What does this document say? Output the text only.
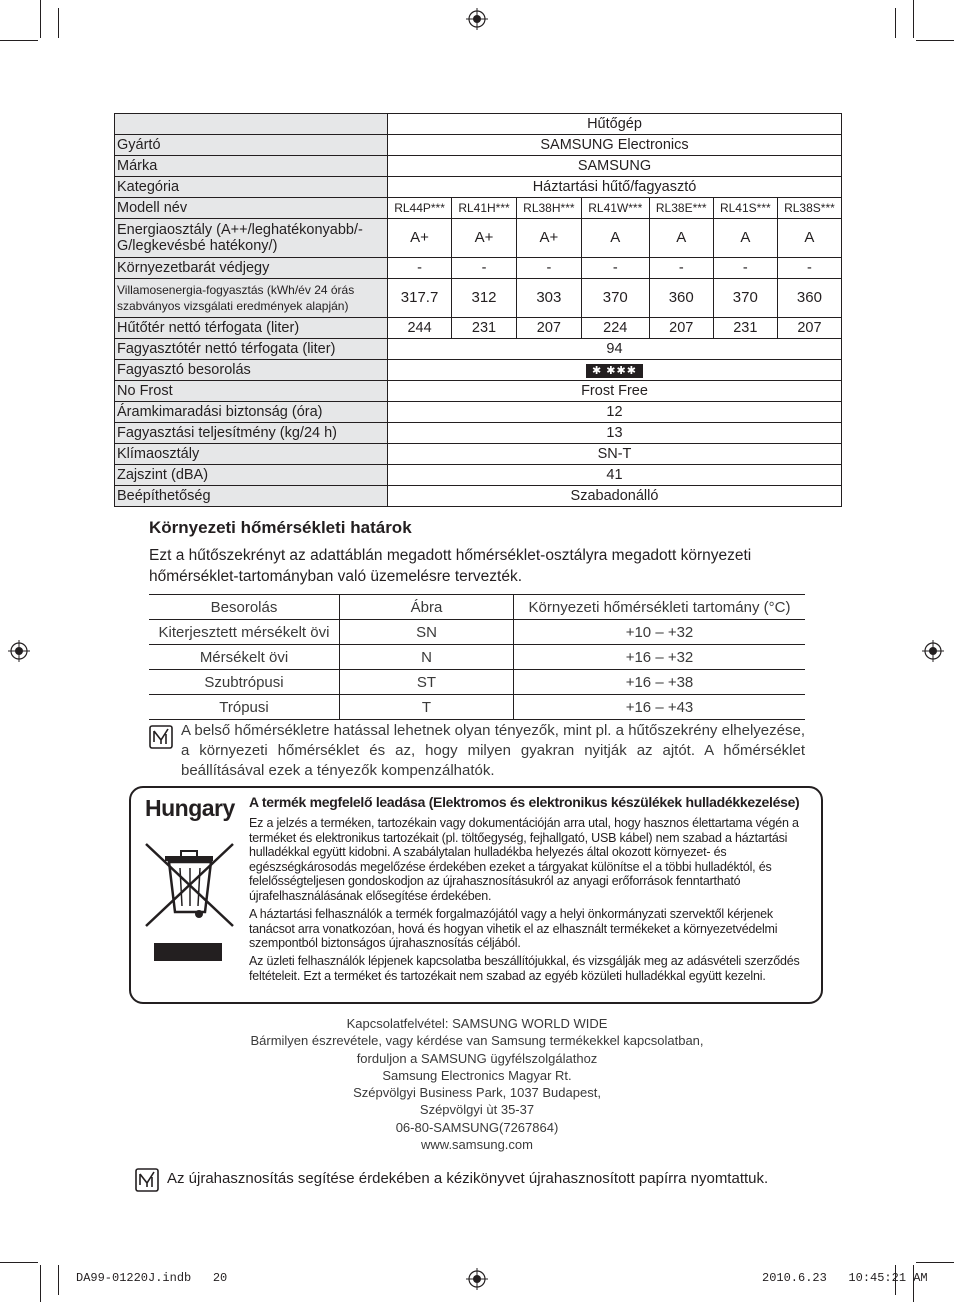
	Hűtőgép						
Gyártó	SAMSUNG Electronics						
Márka	SAMSUNG						
Kategória	Háztartási hűtő/fagyasztó						
Modell név	RL44P***	RL41H***	RL38H***	RL41W***	RL38E***	RL41S***	RL38S***
Energiaosztály (A++/leghatékonyabb/-G/legkevésbé hatékony/)	A+	A+	A+	A	A	A	A
Környezetbarát védjegy	-	-	-	-	-	-	-
Villamosenergia-fogyasztás (kWh/év 24 órás szabványos vizsgálati eredmények alapján)	317.7	312	303	370	360	370	360
Hűtőtér nettó térfogata (liter)	244	231	207	224	207	231	207
Fagyasztótér nettó térfogata (liter)	94						
Fagyasztó besorolás	✱ ✱✱✱						
No Frost	Frost Free						
Áramkimaradási biztonság (óra)	12						
Fagyasztási teljesítmény (kg/24 h)	13						
Klímaosztály	SN-T						
Zajszint (dBA)	41						
Beépíthetőség	Szabadonálló						
Környezeti hőmérsékleti határok
Ezt a hűtőszekrényt az adattáblán megadott hőmérséklet-osztályra megadott környezeti hőmérséklet-tartományban való üzemelésre tervezték.
Besorolás	Ábra	Környezeti hőmérsékleti tartomány (°C)
Kiterjesztett mérsékelt övi	SN	+10 – +32
Mérsékelt övi	N	+16 – +32
Szubtrópusi	ST	+16 – +38
Trópusi	T	+16 – +43
A belső hőmérsékletre hatással lehetnek olyan tényezők, mint pl. a hűtőszekrény elhelyezése, a környezeti hőmérséklet és az, hogy milyen gyakran nyitják az ajtót. A hőmérséklet beállításával ezek a tényezők kompenzálhatók.
Hungary A termék megfelelő leadása (Elektromos és elektronikus készülékek hulladékkezelése)
Ez a jelzés a terméken, tartozékain vagy dokumentációján arra utal, hogy hasznos élettartama végén a terméket és elektronikus tartozékait (pl. töltőegység, fejhallgató, USB kábel) nem szabad a háztartási hulladékkal együtt kidobni. A szabálytalan hulladékba helyezés által okozott környezet- és egészségkárosodás megelőzése érdekében ezeket a tárgyakat különítse el a többi hulladéktól, és felelősségteljesen gondoskodjon az újrahasznosításukról az anyagi erőforrások fenntartható újrafelhasználásának elősegítése érdekében.
A háztartási felhasználók a termék forgalmazójától vagy a helyi önkormányzati szervektől kérjenek tanácsot arra vonatkozóan, hová és hogyan vihetik el az elhasznált termékeket a környezetvédelmi szempontból biztonságos újrahasznosítás céljából.
Az üzleti felhasználók lépjenek kapcsolatba beszállítójukkal, és vizsgálják meg az adásvételi szerződés feltételeit. Ezt a terméket és tartozékait nem szabad az egyéb közületi hulladékkal együtt kezelni.
Kapcsolatfelvétel: SAMSUNG WORLD WIDE
Bármilyen észrevétele, vagy kérdése van Samsung termékekkel kapcsolatban,
forduljon a SAMSUNG ügyfélszolgálathoz
Samsung Electronics Magyar Rt.
Szépvölgyi Business Park, 1037 Budapest,
Szépvölgyi ùt 35-37
06-80-SAMSUNG(7267864)
www.samsung.com
Az újrahasznosítás segítése érdekében a kézikönyvet újrahasznosított papírra nyomtattuk.
DA99-01220J.indb   20	2010.6.23   10:45:21 AM
